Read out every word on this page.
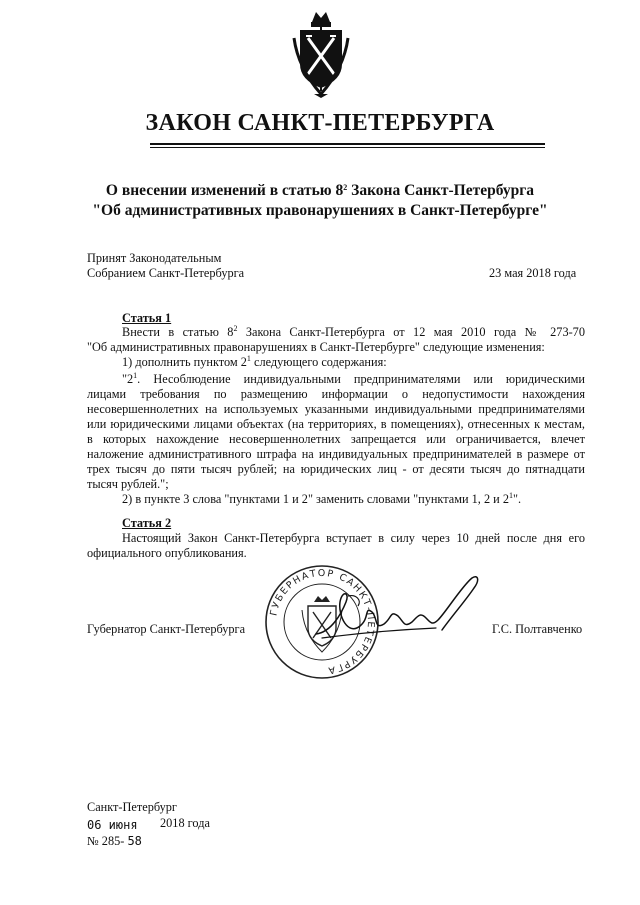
ЗАКОН САНКТ-ПЕТЕРБУРГА
О внесении изменений в статью $8^2$ Закона Санкт-Петербурга
"Об административных правонарушениях в Санкт-Петербурге"
Принят Законодательным
Собранием Санкт-Петербурга	23 мая 2018 года
Статья 1
Внести в статью $8^2$ Закона Санкт-Петербурга от 12 мая 2010 года № 273-70
"Об административных правонарушениях в Санкт-Петербурге" следующие изменения:
1) дополнить пунктом $2^1$ следующего содержания:
"$2^1$. Несоблюдение индивидуальными предпринимателями или юридическими
лицами требования по размещению информации о недопустимости нахождения
несовершеннолетних на используемых указанными индивидуальными предпринимателями
или юридическими лицами объектах (на территориях, в помещениях), отнесенных к местам,
в которых нахождение несовершеннолетних запрещается или ограничивается, влечет
наложение административного штрафа на индивидуальных предпринимателей в размере от
трех тысяч до пяти тысяч рублей; на юридических лиц - от десяти тысяч до пятнадцати
тысяч рублей.";
2) в пункте 3 слова "пунктами 1 и 2" заменить словами "пунктами 1, 2 и $2^1$".
Статья 2
Настоящий Закон Санкт-Петербурга вступает в силу через 10 дней после дня его
официального опубликования.
Губернатор Санкт-Петербурга	Г.С. Полтавченко
ГУБЕРНАТОР САНКТ-ПЕТЕРБУРГА
Санкт-Петербург
06 июня 2018 года
№ 285- 58
